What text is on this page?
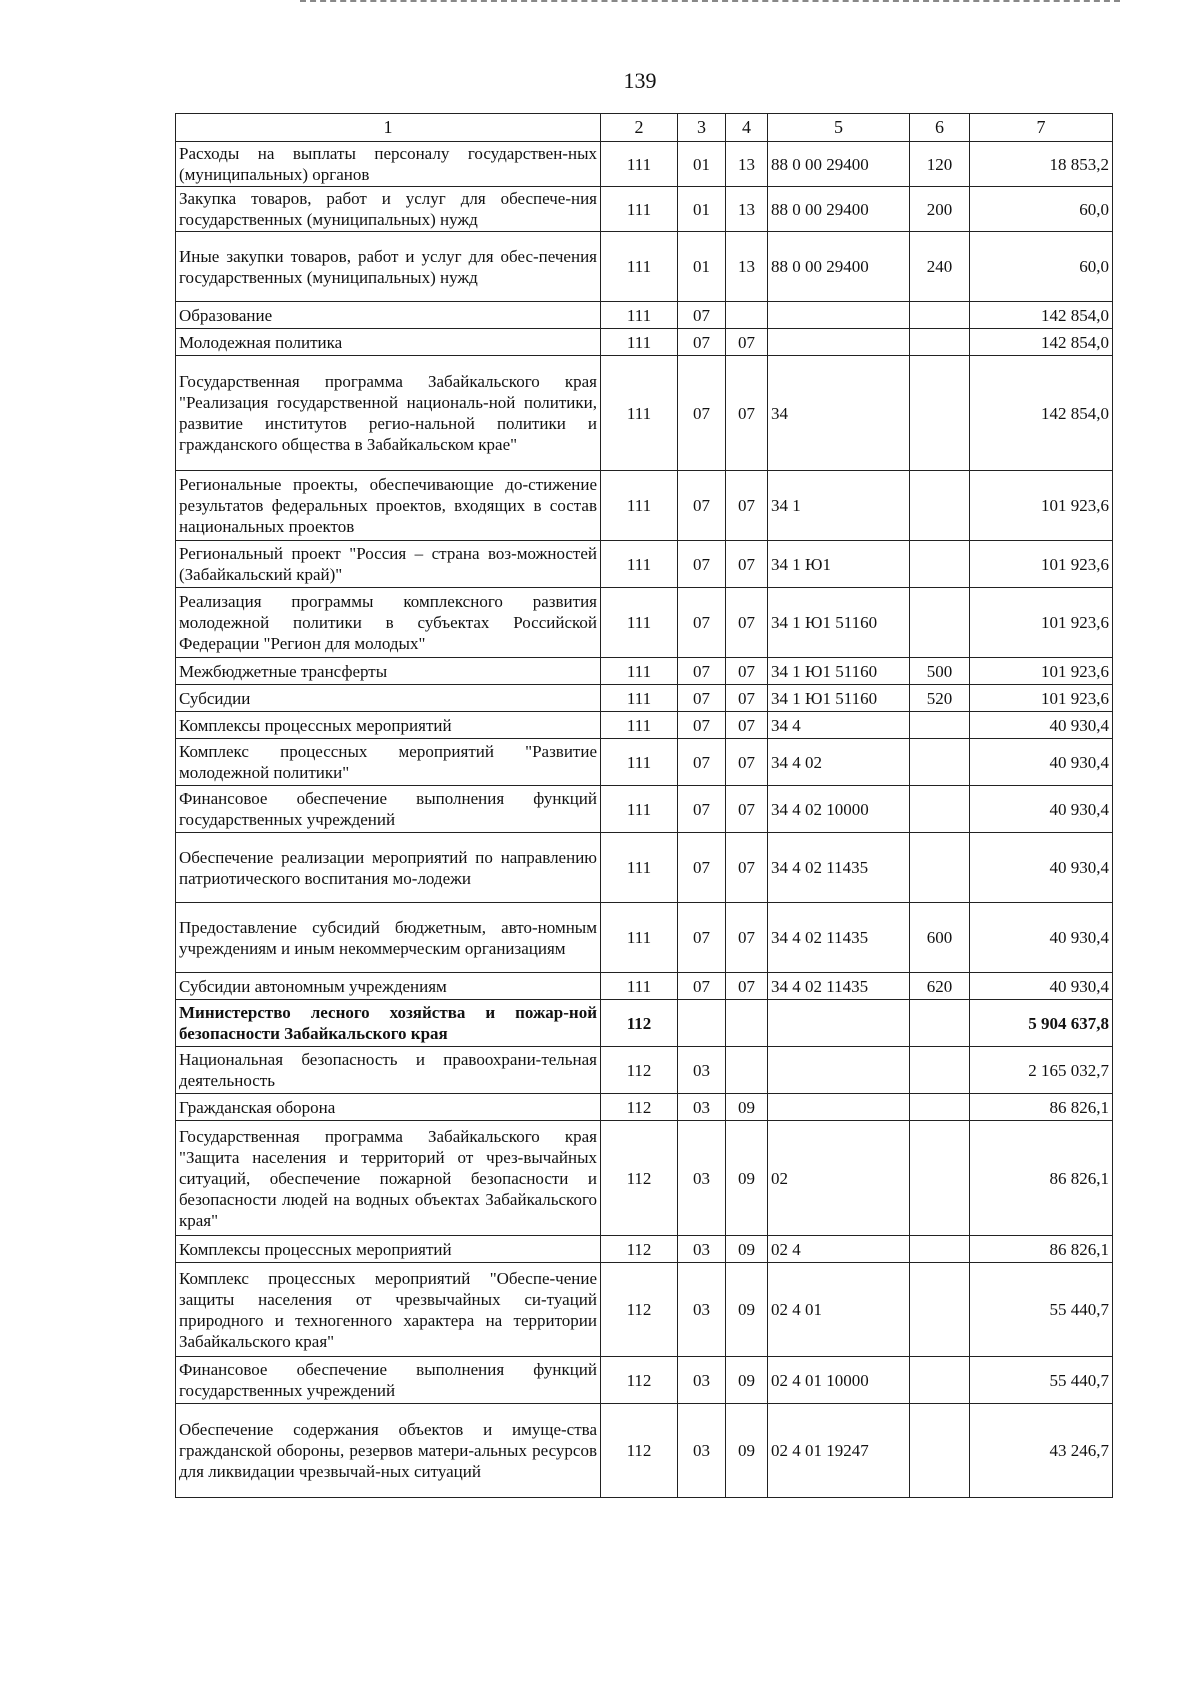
139
1	2	3	4	5	6	7
Расходы на выплаты персоналу государствен-ных (муниципальных) органов	111	01	13	88 0 00 29400	120	18 853,2
Закупка товаров, работ и услуг для обеспече-ния государственных (муниципальных) нужд	111	01	13	88 0 00 29400	200	60,0
Иные закупки товаров, работ и услуг для обес-печения государственных (муниципальных) нужд	111	01	13	88 0 00 29400	240	60,0
Образование	111	07				142 854,0
Молодежная политика	111	07	07			142 854,0
Государственная программа Забайкальского края "Реализация государственной националь-ной политики, развитие институтов регио-нальной политики и гражданского общества в Забайкальском крае"	111	07	07	34		142 854,0
Региональные проекты, обеспечивающие до-стижение результатов федеральных проектов, входящих в состав национальных проектов	111	07	07	34 1		101 923,6
Региональный проект "Россия – страна воз-можностей (Забайкальский край)"	111	07	07	34 1 Ю1		101 923,6
Реализация программы комплексного развития молодежной политики в субъектах Российской Федерации "Регион для молодых"	111	07	07	34 1 Ю1 51160		101 923,6
Межбюджетные трансферты	111	07	07	34 1 Ю1 51160	500	101 923,6
Субсидии	111	07	07	34 1 Ю1 51160	520	101 923,6
Комплексы процессных мероприятий	111	07	07	34 4		40 930,4
Комплекс процессных мероприятий "Развитие молодежной политики"	111	07	07	34 4 02		40 930,4
Финансовое обеспечение выполнения функций государственных учреждений	111	07	07	34 4 02 10000		40 930,4
Обеспечение реализации мероприятий по направлению патриотического воспитания мо-лодежи	111	07	07	34 4 02 11435		40 930,4
Предоставление субсидий бюджетным, авто-номным учреждениям и иным некоммерческим организациям	111	07	07	34 4 02 11435	600	40 930,4
Субсидии автономным учреждениям	111	07	07	34 4 02 11435	620	40 930,4
Министерство лесного хозяйства и пожар-ной безопасности Забайкальского края	112					5 904 637,8
Национальная безопасность и правоохрани-тельная деятельность	112	03				2 165 032,7
Гражданская оборона	112	03	09			86 826,1
Государственная программа Забайкальского края "Защита населения и территорий от чрез-вычайных ситуаций, обеспечение пожарной безопасности и безопасности людей на водных объектах Забайкальского края"	112	03	09	02		86 826,1
Комплексы процессных мероприятий	112	03	09	02 4		86 826,1
Комплекс процессных мероприятий "Обеспе-чение защиты населения от чрезвычайных си-туаций природного и техногенного характера на территории Забайкальского края"	112	03	09	02 4 01		55 440,7
Финансовое обеспечение выполнения функций государственных учреждений	112	03	09	02 4 01 10000		55 440,7
Обеспечение содержания объектов и имуще-ства гражданской обороны, резервов матери-альных ресурсов для ликвидации чрезвычай-ных ситуаций	112	03	09	02 4 01 19247		43 246,7
